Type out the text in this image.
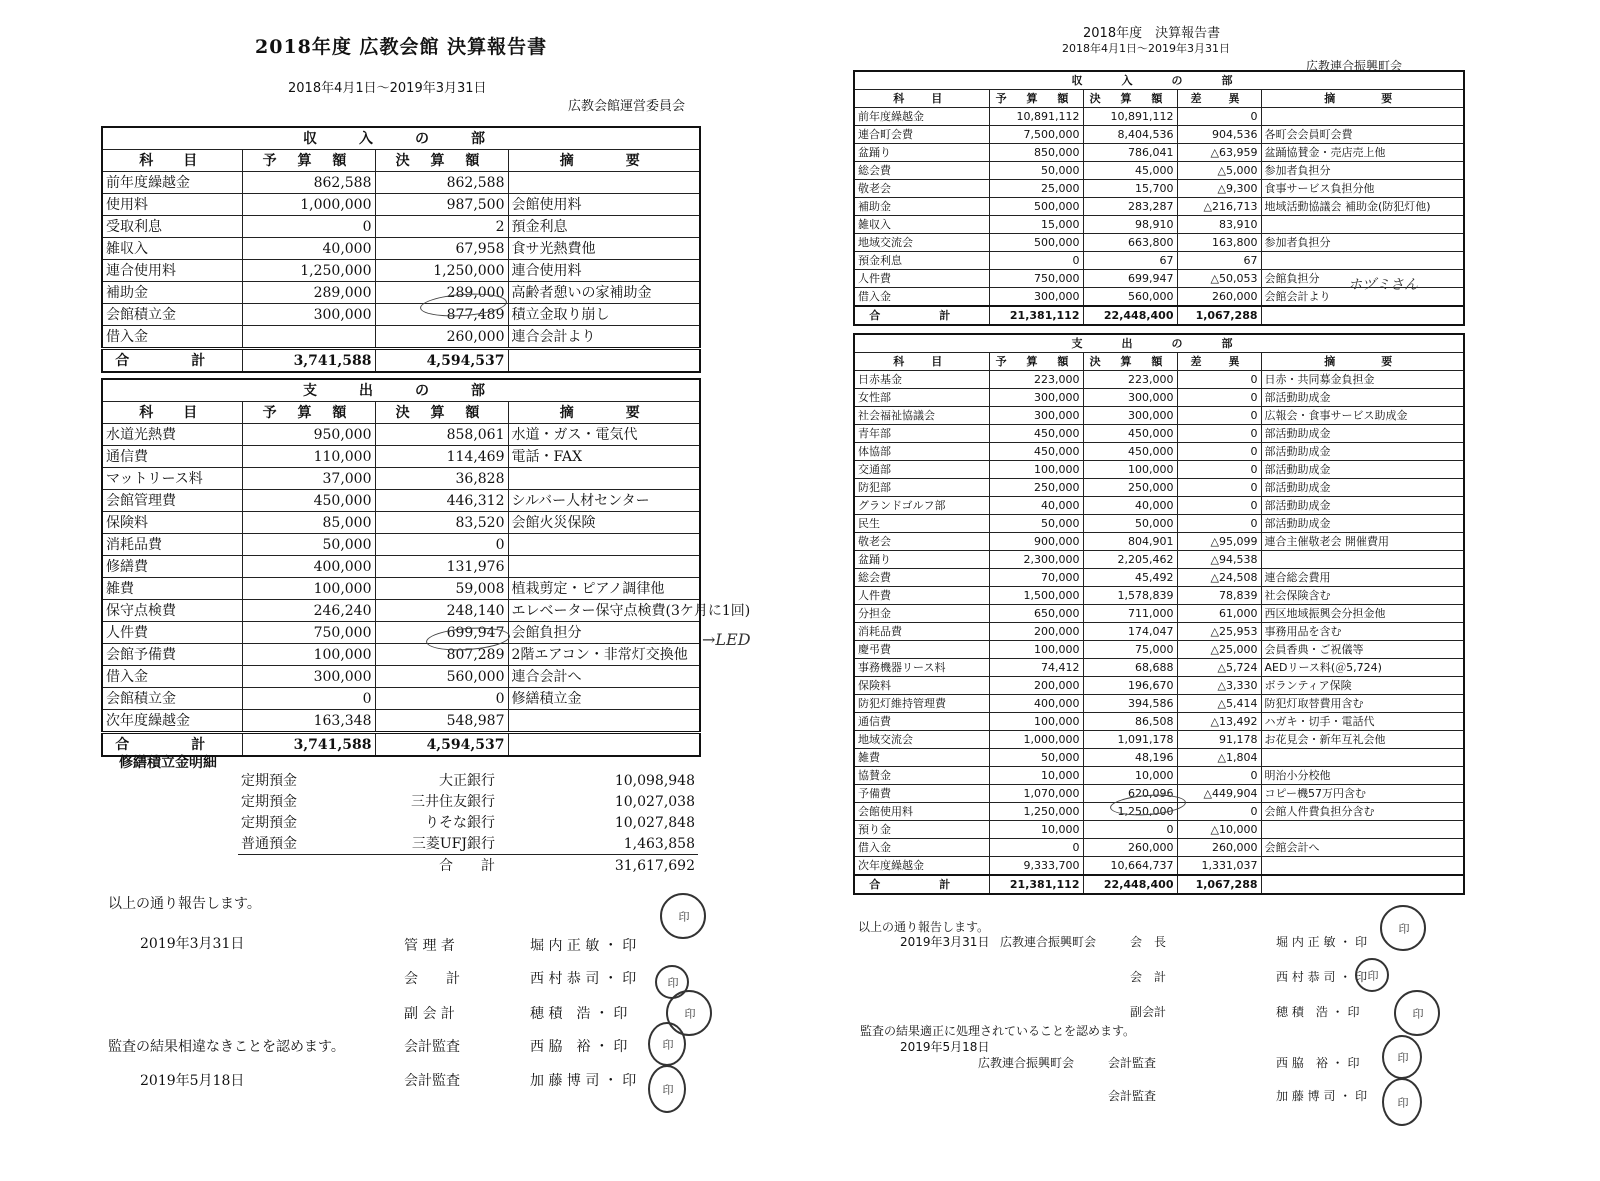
2018年度 広教会館 決算報告書
2018年4月1日～2019年3月31日
広教会館運営委員会
収　入　の　部			
科　目	予 算 額	決 算 額	摘　　要
前年度繰越金	862,588	862,588	
使用料	1,000,000	987,500	会館使用料
受取利息	0	2	預金利息
雑収入	40,000	67,958	食サ光熱費他
連合使用料	1,250,000	1,250,000	連合使用料
補助金	289,000	289,000	高齢者憩いの家補助金
会館積立金	300,000	877,489	積立金取り崩し
借入金		260,000	連合会計より
合　計	3,741,588	4,594,537	
支　出　の　部			
科　目	予 算 額	決 算 額	摘　　要
水道光熱費	950,000	858,061	水道・ガス・電気代
通信費	110,000	114,469	電話・FAX
マットリース料	37,000	36,828	
会館管理費	450,000	446,312	シルバー人材センター
保険料	85,000	83,520	会館火災保険
消耗品費	50,000	0	
修繕費	400,000	131,976	
雑費	100,000	59,008	植栽剪定・ピアノ調律他
保守点検費	246,240	248,140	エレベーター保守点検費(3ケ月に1回)
人件費	750,000	699,947	会館負担分
会館予備費	100,000	807,289	2階エアコン・非常灯交換他
借入金	300,000	560,000	連合会計へ
会館積立金	0	0	修繕積立金
次年度繰越金	163,348	548,987	
合　計	3,741,588	4,594,537	
修繕積立金明細
定期預金	大正銀行	10,098,948
定期預金	三井住友銀行	10,027,038
定期預金	りそな銀行	10,027,848
普通預金	三菱UFJ銀行	1,463,858
	合　　計	31,617,692
以上の通り報告します。
2019年3月31日
監査の結果相違なきことを認めます。
2019年5月18日
管 理 者	堀 内 正 敏 ・ 印
会　　計	西 村 恭 司 ・ 印
副 会 計	穂 積　浩 ・ 印
会計監査	西 脇　裕 ・ 印
会計監査	加 藤 博 司 ・ 印
→LED
印
印
印
印
印
2018年度　決算報告書
2018年4月1日～2019年3月31日
広教連合振興町会
収　入　の　部				
科　目	予 算 額	決 算 額	差　異	摘　　要
前年度繰越金	10,891,112	10,891,112	0	
連合町会費	7,500,000	8,404,536	904,536	各町会会員町会費
盆踊り	850,000	786,041	△63,959	盆踊協賛金・売店売上他
総会費	50,000	45,000	△5,000	参加者負担分
敬老会	25,000	15,700	△9,300	食事サービス負担分他
補助金	500,000	283,287	△216,713	地域活動協議会 補助金(防犯灯他)
雑収入	15,000	98,910	83,910	
地域交流会	500,000	663,800	163,800	参加者負担分
預金利息	0	67	67	
人件費	750,000	699,947	△50,053	会館負担分
借入金	300,000	560,000	260,000	会館会計より
合　計	21,381,112	22,448,400	1,067,288	
支　出　の　部				
科　目	予 算 額	決 算 額	差　異	摘　　要
日赤基金	223,000	223,000	0	日赤・共同募金負担金
女性部	300,000	300,000	0	部活動助成金
社会福祉協議会	300,000	300,000	0	広報会・食事サービス助成金
青年部	450,000	450,000	0	部活動助成金
体協部	450,000	450,000	0	部活動助成金
交通部	100,000	100,000	0	部活動助成金
防犯部	250,000	250,000	0	部活動助成金
グランドゴルフ部	40,000	40,000	0	部活動助成金
民生	50,000	50,000	0	部活動助成金
敬老会	900,000	804,901	△95,099	連合主催敬老会 開催費用
盆踊り	2,300,000	2,205,462	△94,538	
総会費	70,000	45,492	△24,508	連合総会費用
人件費	1,500,000	1,578,839	78,839	社会保険含む
分担金	650,000	711,000	61,000	西区地域振興会分担金他
消耗品費	200,000	174,047	△25,953	事務用品を含む
慶弔費	100,000	75,000	△25,000	会員香典・ご祝儀等
事務機器リース料	74,412	68,688	△5,724	AEDリース料(＠5,724)
保険料	200,000	196,670	△3,330	ボランティア保険
防犯灯維持管理費	400,000	394,586	△5,414	防犯灯取替費用含む
通信費	100,000	86,508	△13,492	ハガキ・切手・電話代
地域交流会	1,000,000	1,091,178	91,178	お花見会・新年互礼会他
雑費	50,000	48,196	△1,804	
協賛金	10,000	10,000	0	明治小分校他
予備費	1,070,000	620,096	△449,904	コピー機57万円含む
会館使用料	1,250,000	1,250,000	0	会館人件費負担分含む
預り金	10,000	0	△10,000	
借入金	0	260,000	260,000	会館会計へ
次年度繰越金	9,333,700	10,664,737	1,331,037	
合　計	21,381,112	22,448,400	1,067,288	
以上の通り報告します。
2019年3月31日 広教連合振興町会
監査の結果適正に処理されていることを認めます。
2019年5月18日
広教連合振興町会
会　長	堀 内 正 敏 ・ 印
会　計	西 村 恭 司 ・ 印
副会計	穂 積　浩 ・ 印
会計監査	西 脇　裕 ・ 印
会計監査	加 藤 博 司 ・ 印
ホヅミさん
印
印
印
印
印
